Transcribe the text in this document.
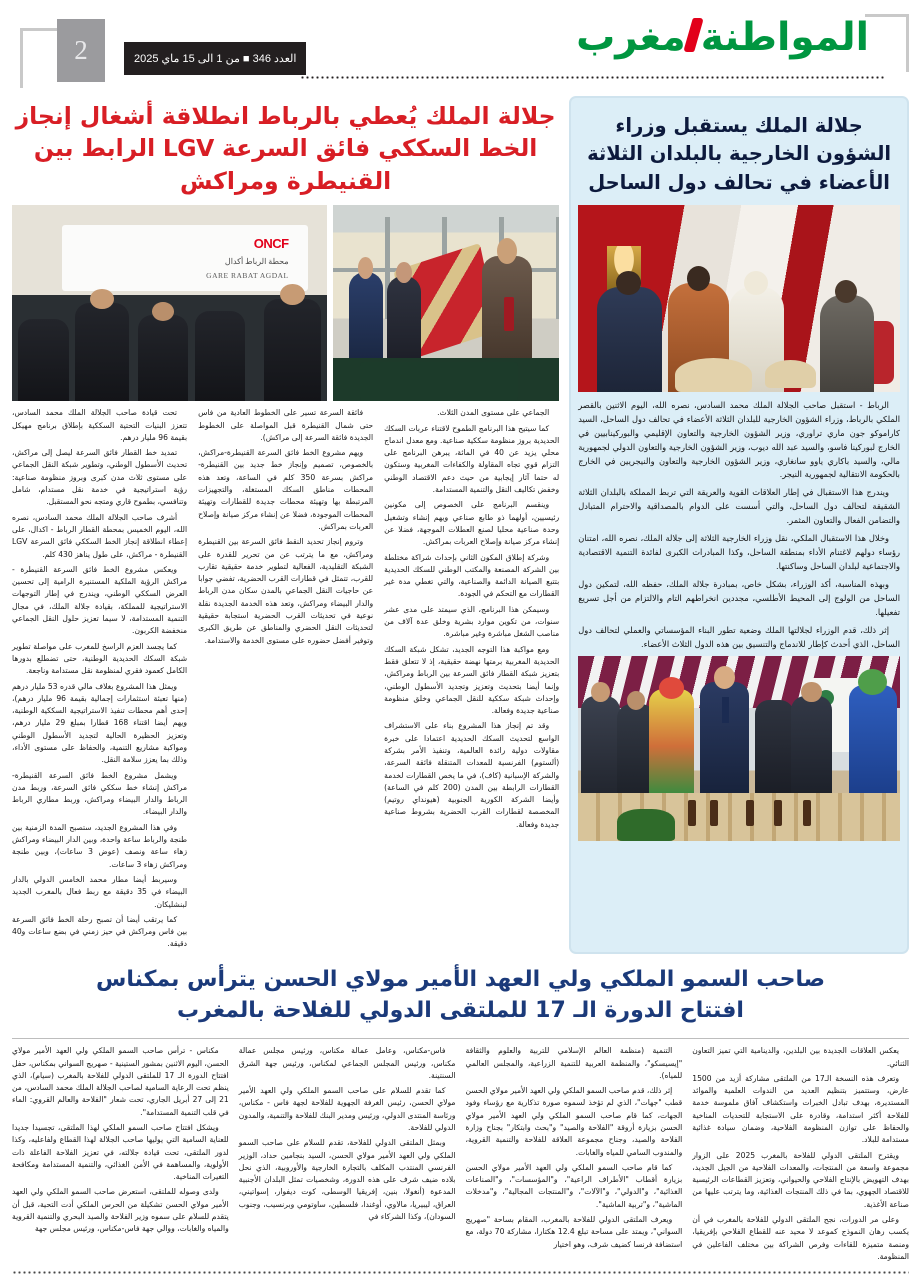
2	العدد 346 ■ من 1 الى 15 ماي 2025	المواطنة
مغرب
جلالة الملك يُعطي بالرباط انطلاقة أشغال إنجاز الخط السككي فائق السرعة LGV الرابط بين القنيطرة ومراكش
ONCF
محطة الرباط أكدال
GARE RABAT AGDAL

تحت قيادة صاحب الجلالة الملك محمد السادس، تتعزز البنيات التحتية السككية بإطلاق برنامج مهيكل بقيمة 96 مليار درهم.

تمديد خط القطار فائق السرعة ليصل إلى مراكش، تحديث الأسطول الوطني، وتطوير شبكة النقل الجماعي على مستوى ثلاث مدن كبرى وبروز منظومة صناعية: رؤية استراتيجية في خدمة نقل مستدام، شامل وتنافسي، بطموح قاري ومتجه نحو المستقبل.

أشرف صاحب الجلالة الملك محمد السادس، نصره الله، اليوم الخميس بمحطة القطار الرباط - اكدال، على إعطاء انطلاقة إنجاز الخط السككي فائق السرعة LGV القنيطرة - مراكش، على طول يناهز 430 كلم.

ويعكس مشروع الخط فائق السرعة القنيطرة - مراكش الرؤية الملكية المستنيرة الرامية إلى تحسين العرض السككي الوطني، ويندرج في إطار التوجهات الاستراتيجية للمملكة، بقيادة جلالة الملك، في مجال التنمية المستدامة، لا سيما تعزيز حلول النقل الجماعي منخفضة الكربون.

كما يجسد العزم الراسخ للمغرب على مواصلة تطوير شبكة السكك الحديدية الوطنية، حتى تضطلع بدورها الكامل كعمود فقري لمنظومة نقل مستدامة وناجعة.

ويمثل هذا المشروع بغلاف مالي قدره 53 مليار درهم (منها تعبئة استثمارات إجمالية بقيمة 96 مليار درهم)، إحدى أهم محطات تنفيذ الاستراتيجية السككية الوطنية، ويهم أيضا اقتناء 168 قطارا بمبلغ 29 مليار درهم، وتعزيز الحظيرة الحالية لتجديد الأسطول الوطني ومواكبة مشاريع التنمية، والحفاظ على مستوى الأداء، وذلك بما يعزز سلامة النقل.

ويشمل مشروع الخط فائق السرعة القنيطرة-مراكش إنشاء خط سككي فائق السرعة، وربط مدن الرباط والدار البيضاء ومراكش، وربط مطاري الرباط والدار البيضاء.

وفي هذا المشروع الجديد، ستصبح المدة الزمنية بين طنجة والرباط ساعة واحدة، وبين الدار البيضاء ومراكش زهاء ساعة ونصف (عوض 3 ساعات)، وبين طنجة ومراكش زهاء 3 ساعات.

وسيربط أيضا مطار محمد الخامس الدولي بالدار البيضاء في 35 دقيقة مع ربط فعال بالمغرب الجديد لبنشليكان.

كما يرتقب أيضا أن تصبح رحلة الخط فائق السرعة بين فاس ومراكش في حيز زمني في بضع ساعات و40 دقيقة.

فائقة السرعة تسير على الخطوط العادية من فاس حتى شمال القنيطرة قبل المواصلة على الخطوط الجديدة فائقة السرعة إلى مراكش).

ويهم مشروع الخط فائق السرعة القنيطرة-مراكش، بالخصوص، تصميم وإنجاز خط جديد بين القنيطرة-مراكش بسرعة 350 كلم في الساعة، وتعد هذه المحطات مناطق السكك المستغلة، والتجهيزات المرتبطة بها وتهيئة محطات جديدة للقطارات وتهيئة المحطات الموجودة، فضلا عن إنشاء مركز صيانة وإصلاح العربات بمراكش.

وتروم إنجاز تحديد النقط فائق السرعة بين القنيطرة ومراكش، مع ما يترتب عن من تحرير للقدرة على الشبكة التقليدية، الفعالية لتطوير خدمة حقيقية تقارب للقرب، تتمثل في قطارات القرب الحضرية، تفضي جوابا عن حاجيات النقل الجماعي بالمدن سكان مدن الرباط والدار البيضاء ومراكش، وتعد هذه الخدمة الجديدة نقلة نوعية في تحديثات القرب الحضرية استجابة حقيقية لتحديثات النقل الحضري والمناطق عن طريق الكبرى وتوفير أفضل حضوره على مستوى الخدمة والاستدامة.

الجماعي على مستوى المدن الثلاث.

كما سيتيح هذا البرنامج الطموح لاقتناء عربات السكك الحديدية بروز منظومة سككية صناعية. ومع معدل اندماج محلي يزيد عن 40 في المائة، يبرهن البرنامج على التزام قوي تجاه المقاولة والكفاءات المغربية وستكون له حتما آثار إيجابية من حيث دعم الاقتصاد الوطني وخفض تكاليف النقل والتنمية المستدامة.

وينقسم البرنامج على الخصوص إلى مكونين رئيسيين، أولهما ذو طابع صناعي ويهم إنشاء وتشغيل وحدة صناعية محليا لصنع العطلات الموجهة، فضلا عن إنشاء مركز صيانة وإصلاح العربات بمراكش.

وشركة إطلاق المكون الثاني بإحداث شراكة مختلطة بين الشركة المصنعة والمكتب الوطني للسكك الحديدية بتتبع الصيانة الدائمة والصناعية، والتي تغطي مدة غير القطارات مع التحكم في الجودة.

وسيمكن هذا البرنامج، الذي سيمتد على مدى عشر سنوات، من تكوين موارد بشرية وخلق عدة آلاف من مناصب الشغل مباشرة وغير مباشرة.

ومع مواكبة هذا التوجه الجديد، تشكل شبكة السكك الحديدية المغربية برمتها نهضة حقيقية، إذ لا تتعلق فقط بتعزيز شبكة القطار فائق السرعة بين الرباط ومراكش، وإنما أيضا بتحديث وتعزيز وتجديد الأسطول الوطني، وإحداث شبكة سككية للنقل الجماعي وخلق منظومة صناعية جديدة وفعالة.

وقد تم إنجاز هذا المشروع بناء على الاستشراف الواسع لتحديث السكك الحديدية اعتمادا على خبرة مقاولات دولية رائدة العالمية، وتنفيذ الأمر بشركة (ألستوم) الفرنسية للمعدات المتنقلة فائقة السرعة، والشركة الإسبانية (كاف)، في ما يخص القطارات لخدمة القطارات الرابطة بين المدن (200 كلم في الساعة) وأيضا الشركة الكورية الجنوبية (هيونداي روتيم) المخصصة لقطارات القرب الحضرية بشروط صناعية جديدة وفعالة.

جلالة الملك يستقبل وزراء الشؤون الخارجية بالبلدان الثلاثة الأعضاء في تحالف دول الساحل

الرباط - استقبل صاحب الجلالة الملك محمد السادس، نصره الله، اليوم الاثنين بالقصر الملكي بالرباط، وزراء الشؤون الخارجية للبلدان الثلاثة الأعضاء في تحالف دول الساحل، السيد كاراموكو جون ماري تراوري، وزير الشؤون الخارجية والتعاون الإقليمي والبوركينابيين في الخارج لبوركينا فاسو، والسيد عبد الله ديوب، وزير الشؤون الخارجية والتعاون الدولي لجمهورية مالي، والسيد باكاري ياوو سانغاري، وزير الشؤون الخارجية والتعاون والنيجريين في الخارج بالحكومة الانتقالية لجمهورية النيجر.

ويندرج هذا الاستقبال في إطار العلاقات القوية والعريقة التي تربط المملكة بالبلدان الثلاثة الشقيقة لتحالف دول الساحل، والتي أسست على الدوام بالمصداقية والاحترام المتبادل والتضامن الفعال والتعاون المثمر.

وخلال هذا الاستقبال الملكي، نقل وزراء الخارجية الثلاثة إلى جلالة الملك، نصره الله، امتنان رؤساء دولهم لاغتنام الأداء بمنطقة الساحل، وكذا المبادرات الكبرى لفائدة التنمية الاقتصادية والاجتماعية لبلدان الساحل وساكنتها.

وبهذه المناسبة، أكد الوزراء، بشكل خاص، بمبادرة جلالة الملك، حفظه الله، لتمكين دول الساحل من الولوج إلى المحيط الأطلسي، مجددين انخراطهم التام والالتزام من أجل تسريع تفعيلها.

إثر ذلك، قدم الوزراء لجلالتها الملك وضعية تطور البناء المؤسساتي والعملي لتحالف دول الساحل، الذي أحدث كإطار للاندماج والتنسيق بين هذه الدول الثلاث الأعضاء.

صاحب السمو الملكي ولي العهد الأمير مولاي الحسن يترأس بمكناس
افتتاح الدورة الـ 17 للملتقى الدولي للفلاحة بالمغرب

مكناس - ترأس صاحب السمو الملكي ولي العهد الأمير مولاي الحسن، اليوم الاثنين بمشور الستينية - صهريج السواني بمكناس، حفل افتتاح الدورة الـ 17 للملتقى الدولي للفلاحة بالمغرب (سيام)، الذي ينظم تحت الرعاية السامية لصاحب الجلالة الملك محمد السادس، من 21 إلى 27 أبريل الجاري، تحت شعار "الفلاحة والعالم القروي: الماء في قلب التنمية المستدامة".

ويشكل افتتاح صاحب السمو الملكي لهذا الملتقى، تجسيدا جديدا للعناية السامية التي يوليها صاحب الجلالة لهذا القطاع ولفاعليه، وكذا لدور الملتقى، تحت قيادة جلالته، في تعزيز الفلاحة الفاعلة ذات الأولوية، والمساهمة في الأمن الغذائي، والتنمية المستدامة ومكافحة التغيرات المناخية.

ولدى وصوله للملتقى، استعرض صاحب السمو الملكي ولي العهد الأمير مولاي الحسن تشكيلة من الحرس الملكي أدت التحية، قبل أن يتقدم للسلام على سموه وزير الفلاحة والصيد البحري والتنمية القروية والمياه والغابات، ووالي جهة فاس-مكناس، ورئيس مجلس جهة

فاس-مكناس، وعامل عمالة مكناس، ورئيس مجلس عمالة مكناس، ورئيس المجلس الجماعي لمكناس، ورئيس جهة الشرق السنتينة.

كما تقدم للسلام على صاحب السمو الملكي ولي العهد الأمير مولاي الحسن، رئيس الغرفة الجهوية للفلاحة لجهة فاس - مكناس، ورئاسة المنتدى الدولي، ورئيس ومدير البنك للفلاحة والتنمية، والمدون الدولي للفلاحة.

وبمثل الملتقى الدولي للفلاحة، تقدم للسلام على صاحب السمو الملكي ولي العهد الأمير مولاي الحسن، السيد بنجامين حداد، الوزير الفرنسي المنتدب المكلف بالتجارة الخارجية والأوروبية، الذي نحل بلاده ضيف شرف على هذه الدورة، وشخصيات تمثل البلدان الأجنبية المدعوة (أنغولا، بنين، إفريقيا الوسطى، كوت ديفوار، إسواتيني، العراق، ليبيريا، مالاوي، أوغندا، فلسطين، ساوتومي وبرنسيب، وجنوب السودان)، وكذا الشركاء في

التنمية (منظمة العالم الإسلامي للتربية والعلوم والثقافة "إيسيسكو"، والمنظمة العربية للتنمية الزراعية، والمجلس العالمي للمياه).

إثر ذلك، قدم صاحب السمو الملكي ولي العهد الأمير مولاي الحسن قطب "جهات"، الذي لم تؤخذ لسموه صورة تذكارية مع رؤساء وفود الجهات، كما قام صاحب السمو الملكي ولي العهد الأمير مولاي الحسن بزيارة أروقة "الفلاحة والصيد" و"بحث وابتكار" بجناح وزارة الفلاحة والصيد، وجناح مجموعة العلاقة للفلاحة والتنمية القروية، والمندوب السامي للمياه والغابات.

كما قام صاحب السمو الملكي ولي العهد الأمير مولاي الحسن بزيارة أقطاب "الأطراف الراعية"، و"المؤسسات"، و"الصناعات الغذائية"، و"الدولي"، و"الآلات"، و"المنتجات المجالية"، و"مدخلات الماشية"، و"تربية الماشية".

ويعرف الملتقى الدولي للفلاحة بالمغرب، المقام بساحة "صهريج السواني"، ويمتد على مساحة تبلغ 12.4 هكتارا، مشاركة 70 دولة، مع استضافة فرنسا كضيف شرف، وهو اختيار

يعكس العلاقات الجديدة بين البلدين، والدينامية التي تميز التعاون الثنائي.

وتعرف هذه النسخة الـ17 من الملتقى مشاركة أزيد من 1500 عارض، وستتميز بتنظيم العديد من الندوات العلمية والموائد المستديرة، بهدف تبادل الخبرات واستكشاف آفاق ملموسة خدمة للفلاحة أكثر استدامة، وقادرة على الاستجابة للتحديات المناخية والحفاظ على توازن المنظومة الفلاحية، وضمان سيادة غذائية مستدامة للبلاد.

ويقترح الملتقى الدولي للفلاحة بالمغرب 2025 على الزوار مجموعة واسعة من المنتجات، والمعدات الفلاحية من الجيل الجديد، بهدف التهويض بالإنتاج الفلاحي والحيواني، وتعزيز القطاعات الرئيسية للاقتصاد الجهوي، بما في ذلك المنتجات الغذائية، وما يترتب عليها من صناعة الأغذية.

وعلى مر الدورات، نجح الملتقى الدولي للفلاحة بالمغرب في أن يكسب رهان النموذج كموعد لا محيد عنه للقطاع الفلاحي بإفريقيا، ومنصة متميزة للقاءات وفرص الشراكة بين مختلف الفاعلين في المنظومة.
